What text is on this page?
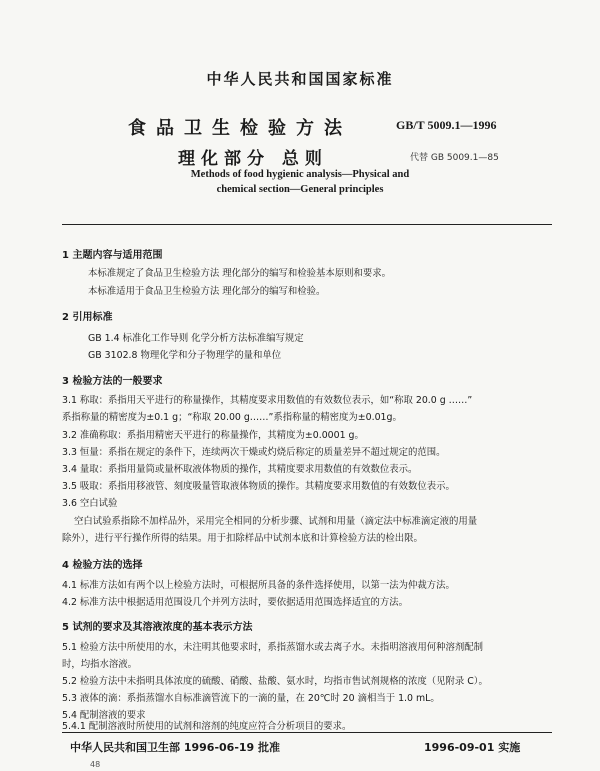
中华人民共和国国家标准
食品卫生检验方法
理化部分 总则
GB/T 5009.1—1996
代替 GB 5009.1—85
Methods of food hygienic analysis—Physical and
chemical section—General principles
1 主题内容与适用范围
本标准规定了食品卫生检验方法 理化部分的编写和检验基本原则和要求。
本标准适用于食品卫生检验方法 理化部分的编写和检验。
2 引用标准
GB 1.4 标准化工作导则 化学分析方法标准编写规定
GB 3102.8 物理化学和分子物理学的量和单位
3 检验方法的一般要求
3.1 称取：系指用天平进行的称量操作，其精度要求用数值的有效数位表示，如“称取 20.0 g ……”
系指称量的精密度为±0.1 g；“称取 20.00 g……”系指称量的精密度为±0.01g。
3.2 准确称取：系指用精密天平进行的称量操作，其精度为±0.0001 g。
3.3 恒量：系指在规定的条件下，连续两次干燥或灼烧后称定的质量差异不超过规定的范围。
3.4 量取：系指用量筒或量杯取液体物质的操作，其精度要求用数值的有效数位表示。
3.5 吸取：系指用移液管、刻度吸量管取液体物质的操作。其精度要求用数值的有效数位表示。
3.6 空白试验
空白试验系指除不加样品外，采用完全相同的分析步骤、试剂和用量（滴定法中标准滴定液的用量
除外），进行平行操作所得的结果。用于扣除样品中试剂本底和计算检验方法的检出限。
4 检验方法的选择
4.1 标准方法如有两个以上检验方法时，可根据所具备的条件选择使用，以第一法为仲裁方法。
4.2 标准方法中根据适用范围设几个并列方法时，要依据适用范围选择适宜的方法。
5 试剂的要求及其溶液浓度的基本表示方法
5.1 检验方法中所使用的水，未注明其他要求时，系指蒸馏水或去离子水。未指明溶液用何种溶剂配制
时，均指水溶液。
5.2 检验方法中未指明具体浓度的硫酸、硝酸、盐酸、氨水时，均指市售试剂规格的浓度（见附录 C）。
5.3 液体的滴：系指蒸馏水自标准滴管流下的一滴的量，在 20℃时 20 滴相当于 1.0 mL。
5.4 配制溶液的要求
5.4.1 配制溶液时所使用的试剂和溶剂的纯度应符合分析项目的要求。
中华人民共和国卫生部 1996-06-19 批准	1996-09-01 实施
48
